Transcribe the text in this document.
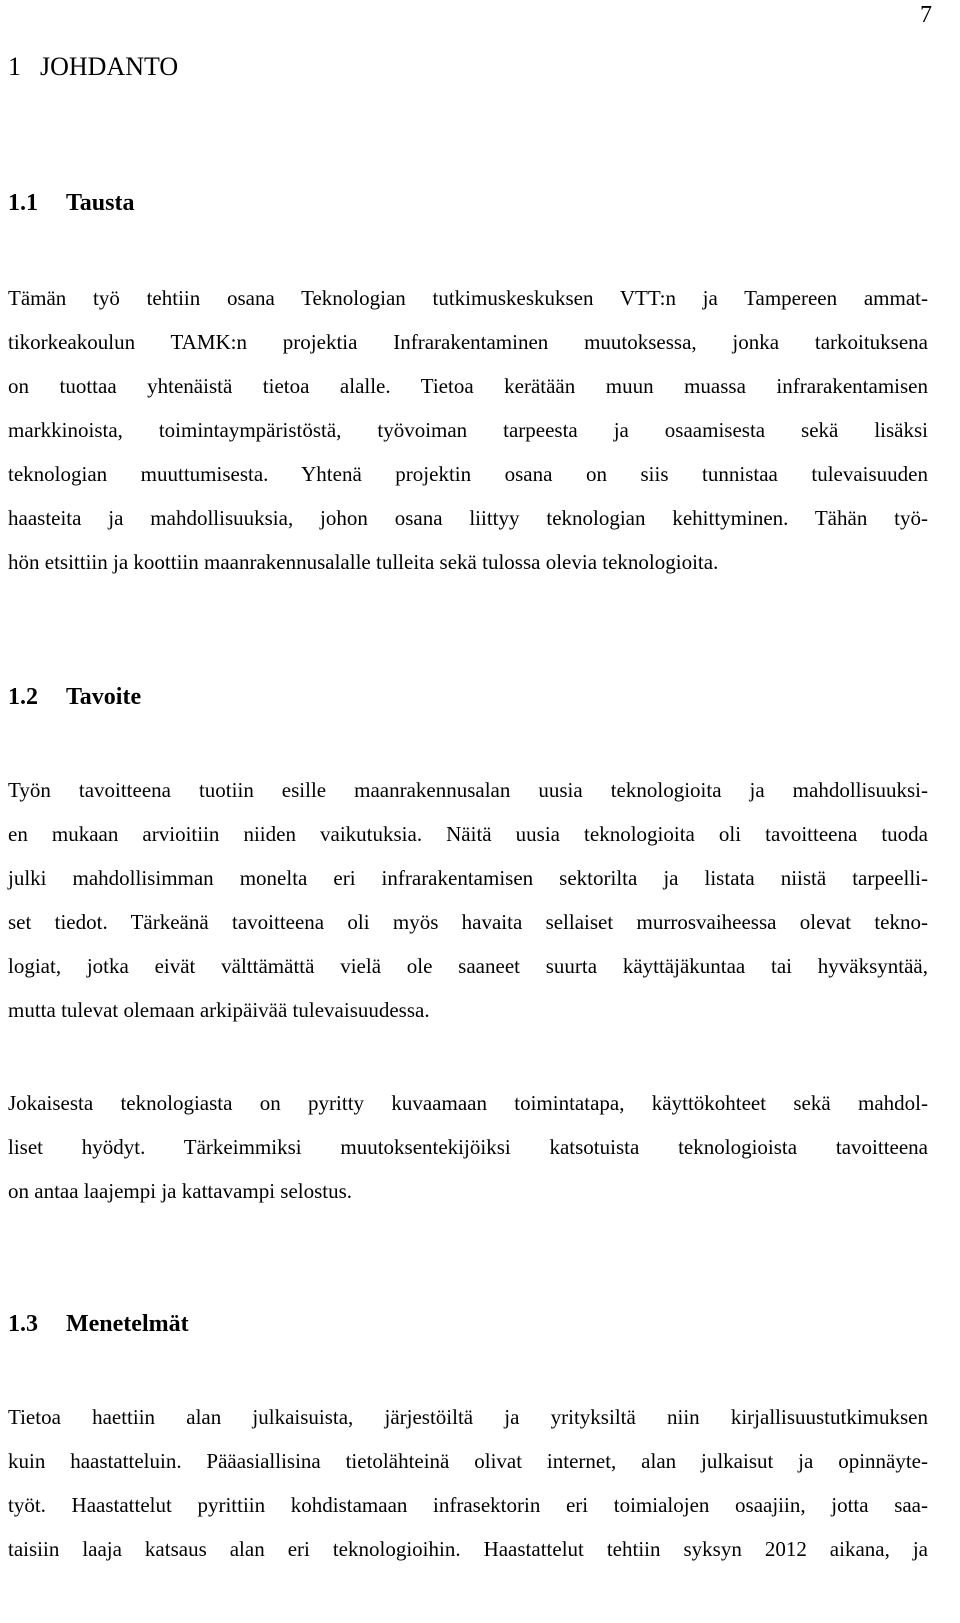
7
1 JOHDANTO
1.1 Tausta

Tämän työ tehtiin osana Teknologian tutkimuskeskuksen VTT:n ja Tampereen ammat-
tikorkeakoulun TAMK:n projektia Infrarakentaminen muutoksessa, jonka tarkoituksena
on tuottaa yhtenäistä tietoa alalle. Tietoa kerätään muun muassa infrarakentamisen
markkinoista, toimintaympäristöstä, työvoiman tarpeesta ja osaamisesta sekä lisäksi
teknologian muuttumisesta. Yhtenä projektin osana on siis tunnistaa tulevaisuuden
haasteita ja mahdollisuuksia, johon osana liittyy teknologian kehittyminen. Tähän työ-
hön etsittiin ja koottiin maanrakennusalalle tulleita sekä tulossa olevia teknologioita.

1.2 Tavoite

Työn tavoitteena tuotiin esille maanrakennusalan uusia teknologioita ja mahdollisuuksi-
en mukaan arvioitiin niiden vaikutuksia. Näitä uusia teknologioita oli tavoitteena tuoda
julki mahdollisimman monelta eri infrarakentamisen sektorilta ja listata niistä tarpeelli-
set tiedot. Tärkeänä tavoitteena oli myös havaita sellaiset murrosvaiheessa olevat tekno-
logiat, jotka eivät välttämättä vielä ole saaneet suurta käyttäjäkuntaa tai hyväksyntää,
mutta tulevat olemaan arkipäivää tulevaisuudessa.

Jokaisesta teknologiasta on pyritty kuvaamaan toimintatapa, käyttökohteet sekä mahdol-
liset hyödyt. Tärkeimmiksi muutoksentekijöiksi katsotuista teknologioista tavoitteena
on antaa laajempi ja kattavampi selostus.

1.3 Menetelmät

Tietoa haettiin alan julkaisuista, järjestöiltä ja yrityksiltä niin kirjallisuustutkimuksen
kuin haastatteluin. Pääasiallisina tietolähteinä olivat internet, alan julkaisut ja opinnäyte-
työt. Haastattelut pyrittiin kohdistamaan infrasektorin eri toimialojen osaajiin, jotta saa-
taisiin laaja katsaus alan eri teknologioihin. Haastattelut tehtiin syksyn 2012 aikana, ja
